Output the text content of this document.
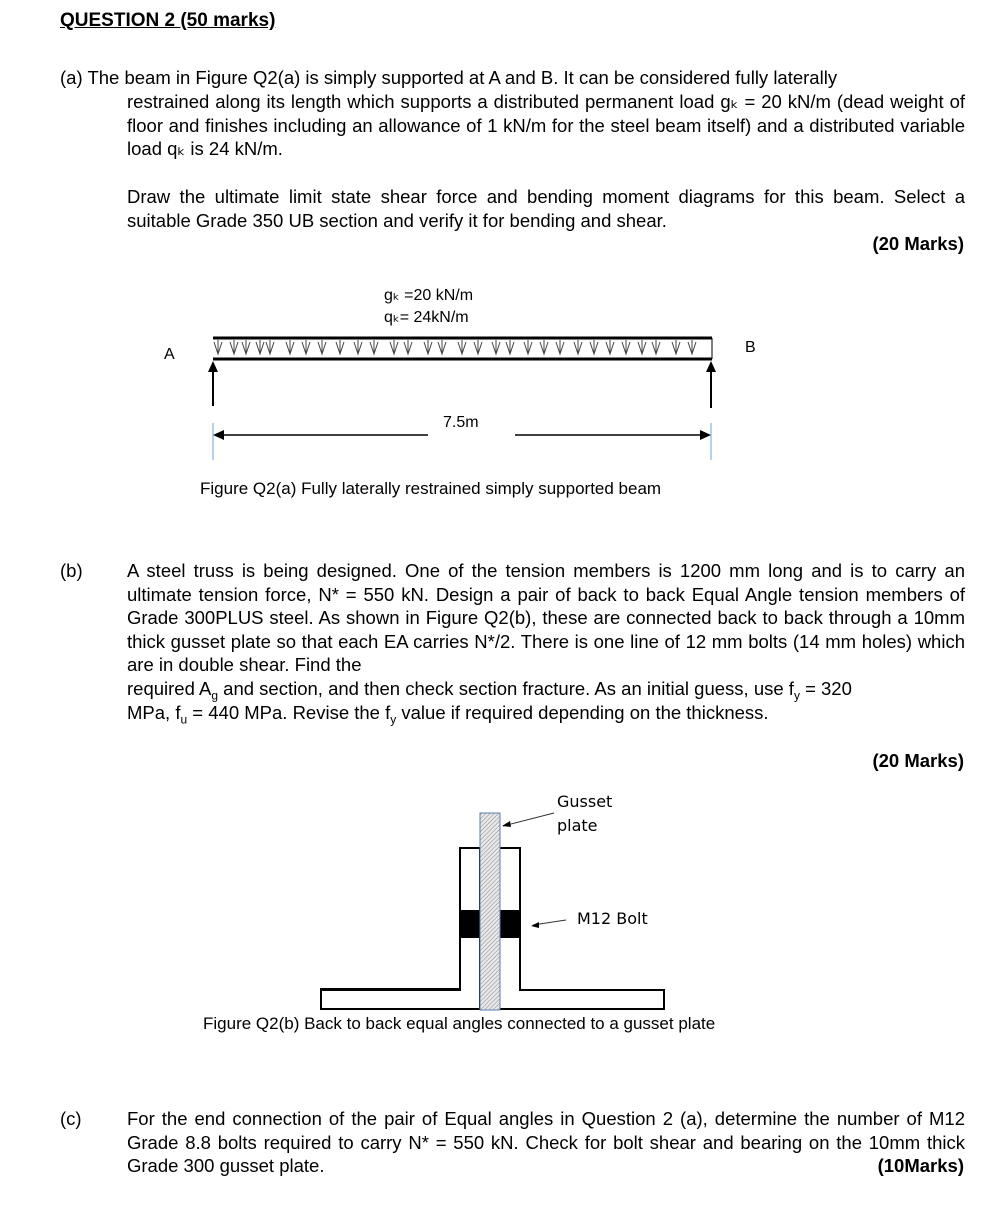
QUESTION 2 (50 marks)
(a) The beam in Figure Q2(a) is simply supported at A and B. It can be considered fully laterally
restrained along its length which supports a distributed permanent load gₖ = 20 kN/m (dead weight of floor and finishes including an allowance of 1 kN/m for the steel beam itself) and a distributed variable load qₖ is 24 kN/m.
Draw the ultimate limit state shear force and bending moment diagrams for this beam. Select a suitable Grade 350 UB section and verify it for bending and shear.
(20 Marks)
gₖ =20 kN/m
qₖ= 24kN/m
A	B
7.5m
Figure Q2(a) Fully laterally restrained simply supported beam
(b) A steel truss is being designed. One of the tension members is 1200 mm long and is to carry an ultimate tension force, N* = 550 kN. Design a pair of back to back Equal Angle tension members of Grade 300PLUS steel. As shown in Figure Q2(b), these are connected back to back through a 10mm thick gusset plate so that each EA carries N*/2. There is one line of 12 mm bolts (14 mm holes) which are in double shear. Find the
required $A_g$ and section, and then check section fracture. As an initial guess, use $f_y = 320$
MPa, $f_u = 440$ MPa. Revise the $f_y$ value if required depending on the thickness.
(20 Marks)
Gusset
plate
M12 Bolt
Figure Q2(b) Back to back equal angles connected to a gusset plate
(c) For the end connection of the pair of Equal angles in Question 2 (a), determine the number of M12 Grade 8.8 bolts required to carry N* = 550 kN. Check for bolt shear and bearing on the 10mm thick Grade 300 gusset plate.	(10Marks)
